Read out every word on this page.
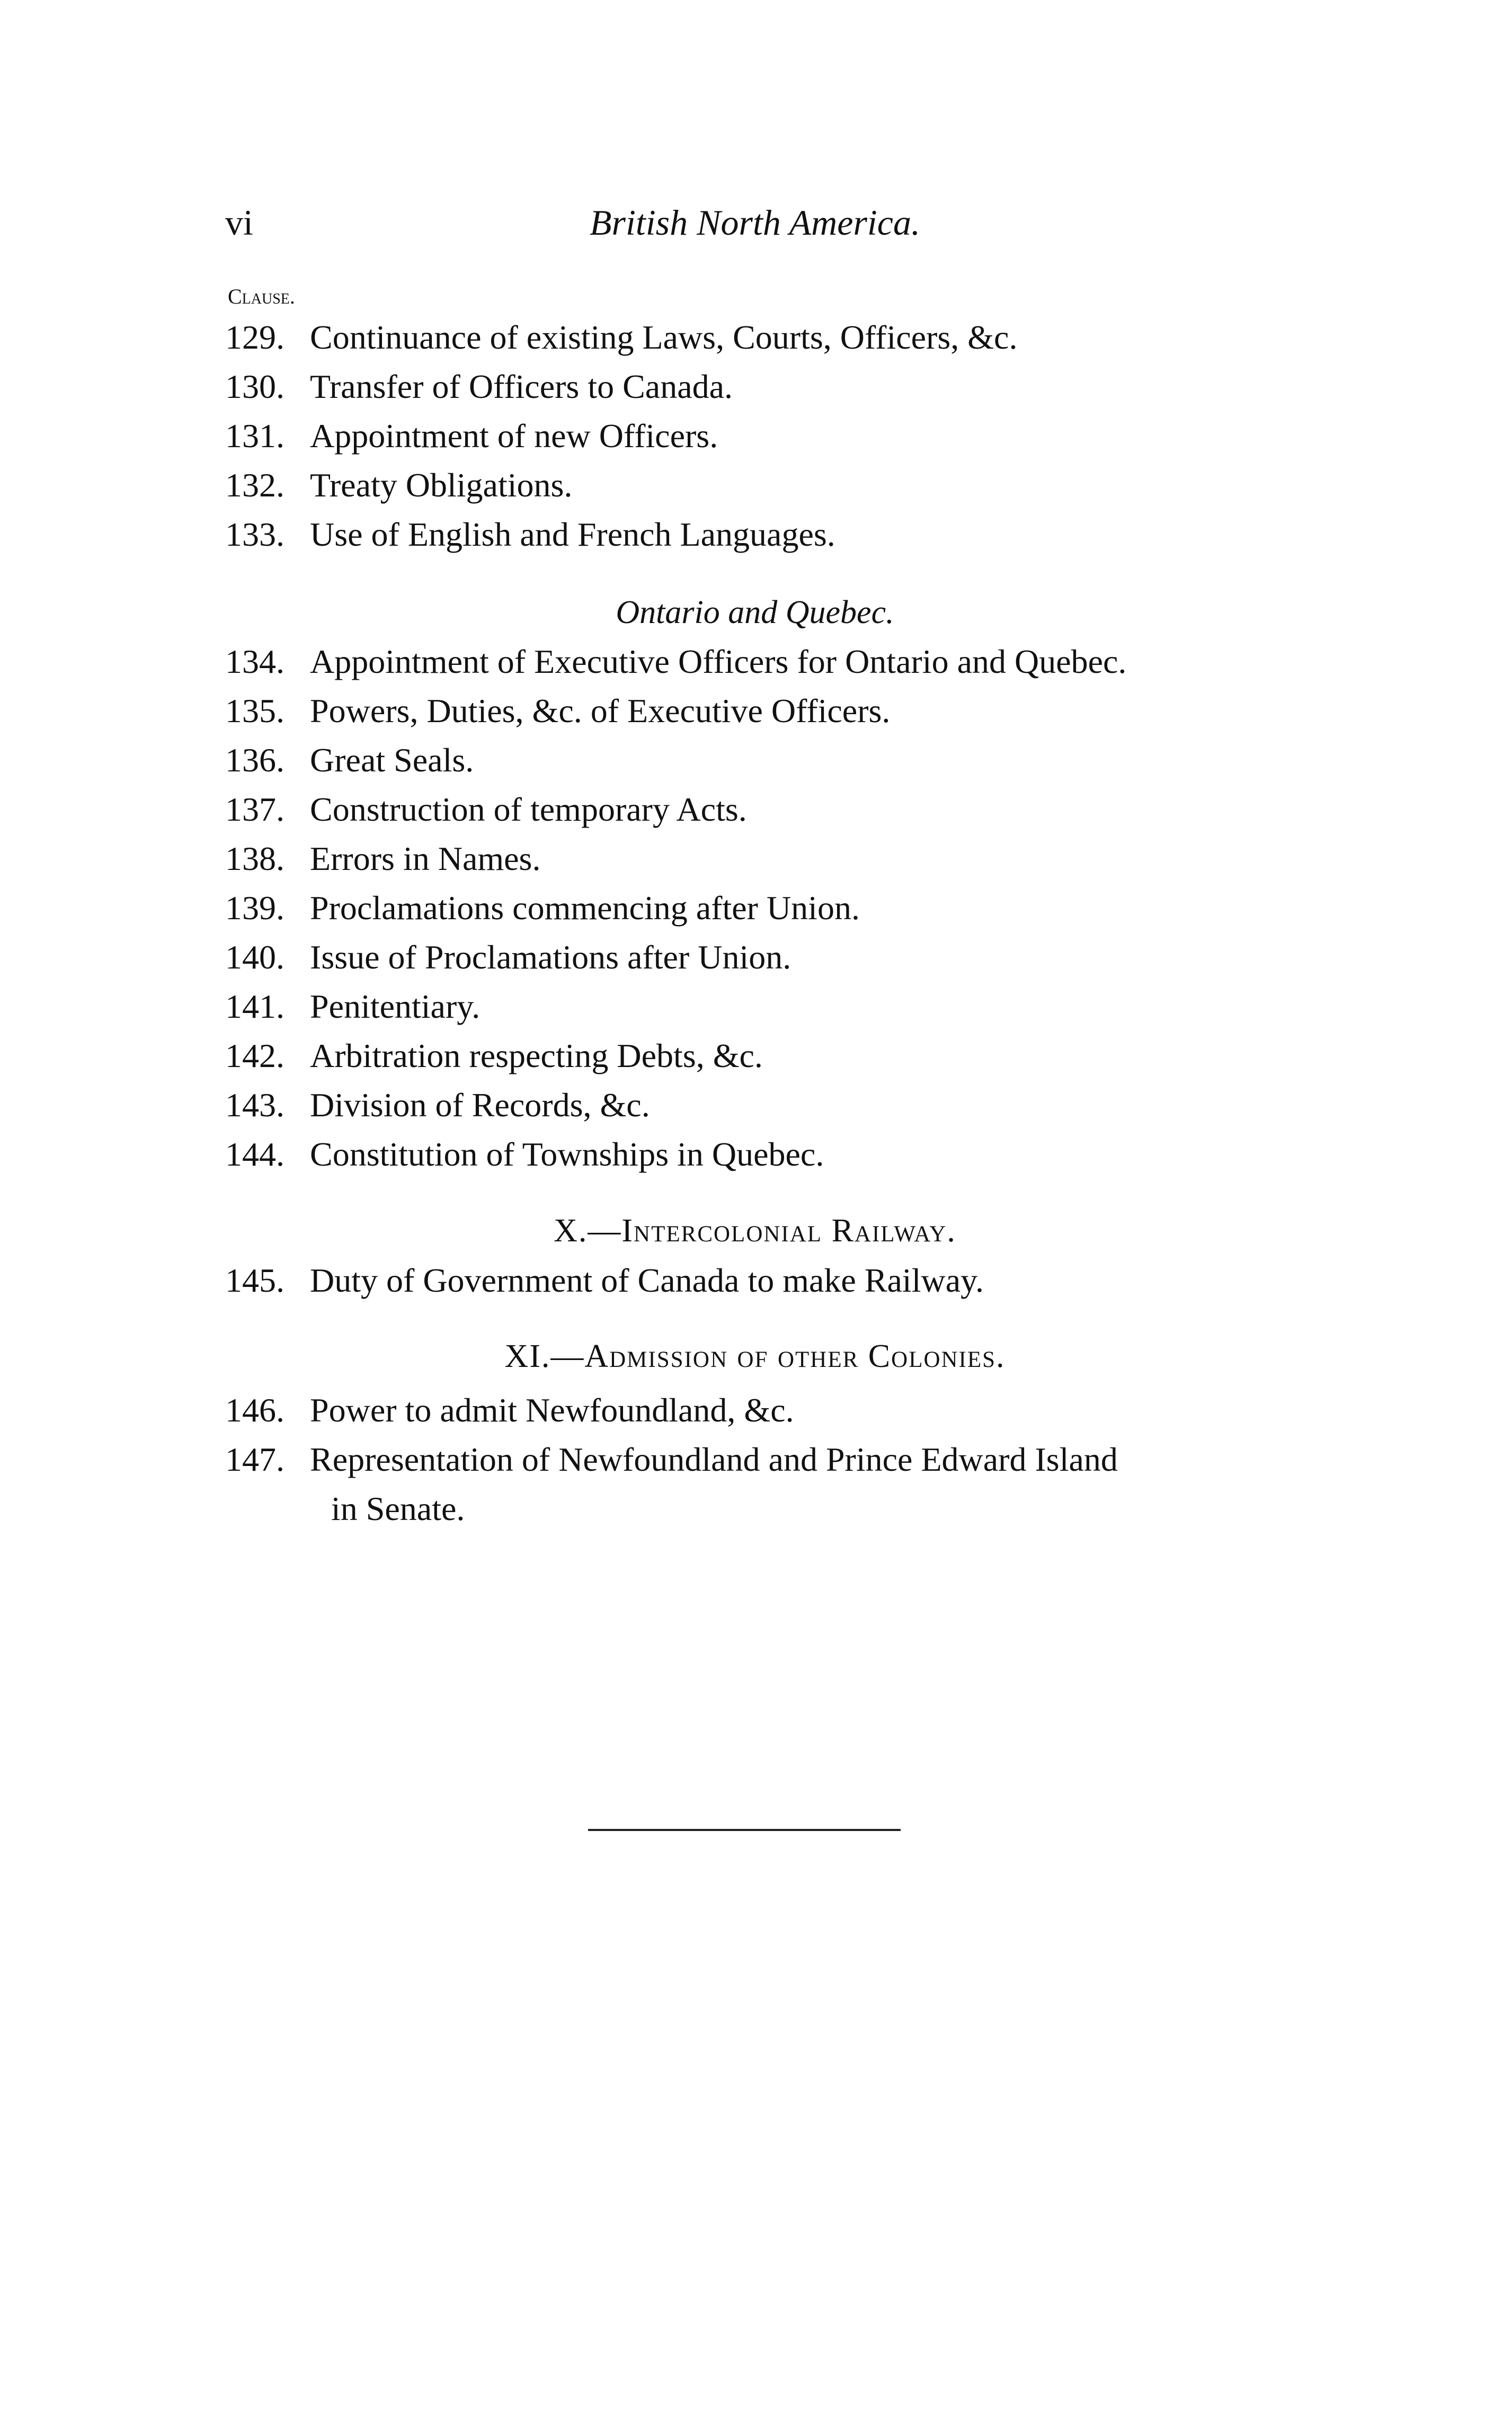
vi	British North America.
Clause.
129. Continuance of existing Laws, Courts, Officers, &c.
130. Transfer of Officers to Canada.
131. Appointment of new Officers.
132. Treaty Obligations.
133. Use of English and French Languages.
Ontario and Quebec.
134. Appointment of Executive Officers for Ontario and Quebec.
135. Powers, Duties, &c. of Executive Officers.
136. Great Seals.
137. Construction of temporary Acts.
138. Errors in Names.
139. Proclamations commencing after Union.
140. Issue of Proclamations after Union.
141. Penitentiary.
142. Arbitration respecting Debts, &c.
143. Division of Records, &c.
144. Constitution of Townships in Quebec.
X.—Intercolonial Railway.
145. Duty of Government of Canada to make Railway.
XI.—Admission of other Colonies.
146. Power to admit Newfoundland, &c.
147. Representation of Newfoundland and Prince Edward Island
in Senate.
